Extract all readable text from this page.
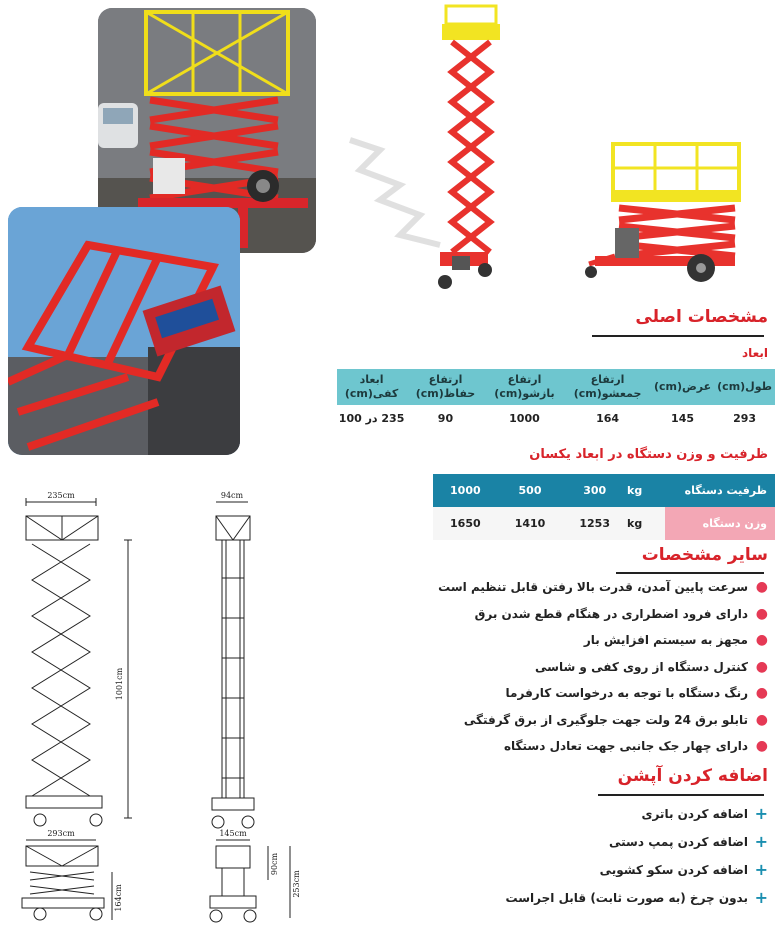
235cm	94cm
1001cm
293cm	145cm
164cm
90cm
253cm
مشخصات اصلی
ابعاد
طول(cm)	عرض(cm)	ارتفاع جمعشو(cm)	ارتفاع بازشو(cm)	ارتفاع حفاظ(cm)	ابعاد کفی(cm)
293	145	164	1000	90	235 در 100
ظرفیت و وزن دستگاه در ابعاد یکسان
ظرفیت دستگاه	kg	300	500	1000
وزن دستگاه	kg	1253	1410	1650
سایر مشخصات
●
سرعت پایین آمدن، قدرت بالا رفتن قابل تنظیم است
●
دارای فرود اضطراری در هنگام قطع شدن برق
●
مجهز به سیستم افزایش بار
●
کنترل دستگاه از روی کفی و شاسی
●
رنگ دستگاه با توجه به درخواست کارفرما
●
تابلو برق 24 ولت جهت جلوگیری از برق گرفتگی
●
دارای چهار جک جانبی جهت تعادل دستگاه
اضافه کردن آپشن
+
اضافه کردن باتری
+
اضافه کردن پمپ دستی
+
اضافه کردن سکو کشویی
+
بدون چرخ (به صورت ثابت) قابل اجراست
